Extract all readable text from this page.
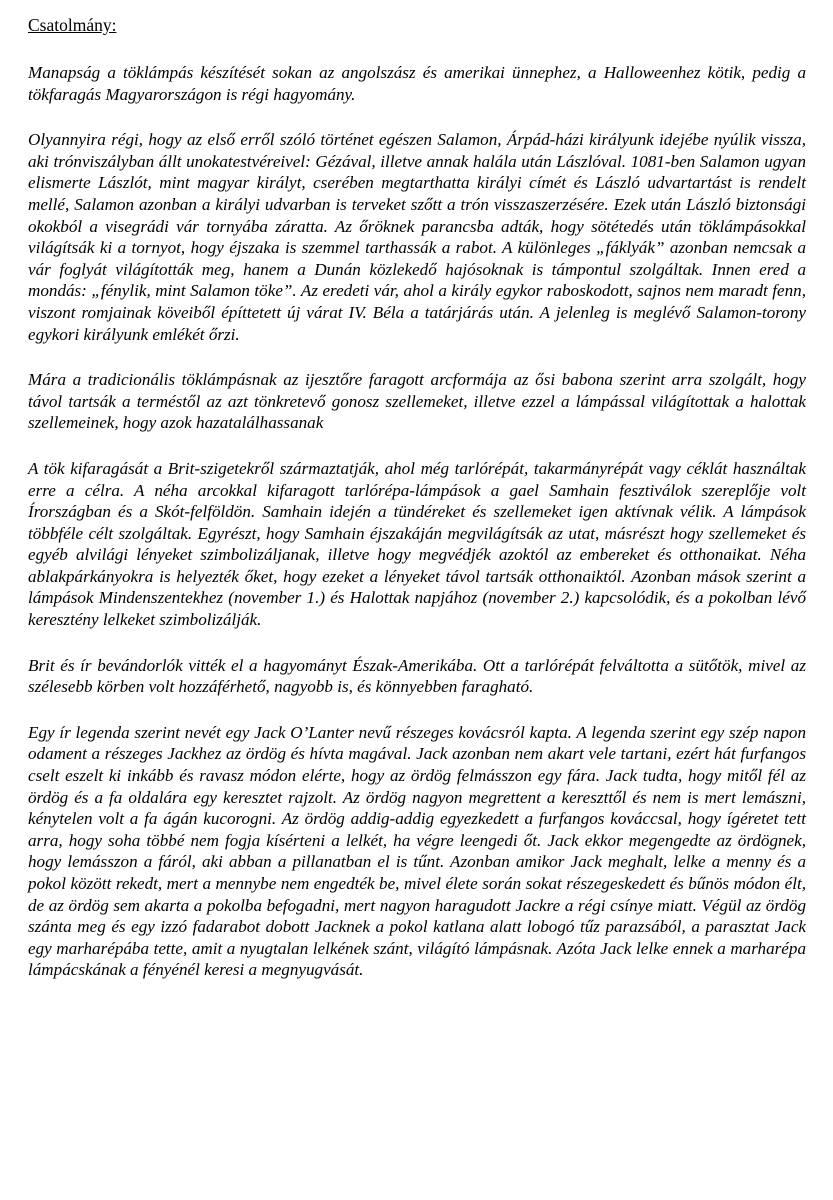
Csatolmány:

Manapság a töklámpás készítését sokan az angolszász és amerikai ünnephez, a Halloweenhez kötik, pedig a tökfaragás Magyarországon is régi hagyomány.

Olyannyira régi, hogy az első erről szóló történet egészen Salamon, Árpád-házi királyunk idejébe nyúlik vissza, aki trónviszályban állt unokatestvéreivel: Gézával, illetve annak halála után Lászlóval. 1081-ben Salamon ugyan elismerte Lászlót, mint magyar királyt, cserében megtarthatta királyi címét és László udvartartást is rendelt mellé, Salamon azonban a királyi udvarban is terveket szőtt a trón visszaszerzésére. Ezek után László biztonsági okokból a visegrádi vár tornyába záratta. Az őröknek parancsba adták, hogy sötétedés után töklámpásokkal világítsák ki a tornyot, hogy éjszaka is szemmel tarthassák a rabot. A különleges „fáklyák” azonban nemcsak a vár foglyát világították meg, hanem a Dunán közlekedő hajósoknak is támpontul szolgáltak. Innen ered a mondás: „fénylik, mint Salamon töke”. Az eredeti vár, ahol a király egykor raboskodott, sajnos nem maradt fenn, viszont romjainak köveiből építtetett új várat IV. Béla a tatárjárás után. A jelenleg is meglévő Salamon-torony egykori királyunk emlékét őrzi.

Mára a tradicionális töklámpásnak az ijesztőre faragott arcformája az ősi babona szerint arra szolgált, hogy távol tartsák a terméstől az azt tönkretevő gonosz szellemeket, illetve ezzel a lámpással világítottak a halottak szellemeinek, hogy azok hazatalálhassanak

A tök kifaragását a Brit-szigetekről származtatják, ahol még tarlórépát, takarmányrépát vagy céklát használtak erre a célra. A néha arcokkal kifaragott tarlórépa-lámpások a gael Samhain fesztiválok szereplője volt Írországban és a Skót-felföldön. Samhain idején a tündéreket és szellemeket igen aktívnak vélik. A lámpások többféle célt szolgáltak. Egyrészt, hogy Samhain éjszakáján megvilágítsák az utat, másrészt hogy szellemeket és egyéb alvilági lényeket szimbolizáljanak, illetve hogy megvédjék azoktól az embereket és otthonaikat. Néha ablakpárkányokra is helyezték őket, hogy ezeket a lényeket távol tartsák otthonaiktól. Azonban mások szerint a lámpások Mindenszentekhez (november 1.) és Halottak napjához (november 2.) kapcsolódik, és a pokolban lévő keresztény lelkeket szimbolizálják.

Brit és ír bevándorlók vitték el a hagyományt Észak-Amerikába. Ott a tarlórépát felváltotta a sütőtök, mivel az szélesebb körben volt hozzáférhető, nagyobb is, és könnyebben faragható.

Egy ír legenda szerint nevét egy Jack O’Lanter nevű részeges kovácsról kapta. A legenda szerint egy szép napon odament a részeges Jackhez az ördög és hívta magával. Jack azonban nem akart vele tartani, ezért hát furfangos cselt eszelt ki inkább és ravasz módon elérte, hogy az ördög felmásszon egy fára. Jack tudta, hogy mitől fél az ördög és a fa oldalára egy keresztet rajzolt. Az ördög nagyon megrettent a kereszttől és nem is mert lemászni, kénytelen volt a fa ágán kucorogni. Az ördög addig-addig egyezkedett a furfangos kováccsal, hogy ígéretet tett arra, hogy soha többé nem fogja kísérteni a lelkét, ha végre leengedi őt. Jack ekkor megengedte az ördögnek, hogy lemásszon a fáról, aki abban a pillanatban el is tűnt. Azonban amikor Jack meghalt, lelke a menny és a pokol között rekedt, mert a mennybe nem engedték be, mivel élete során sokat részegeskedett és bűnös módon élt, de az ördög sem akarta a pokolba befogadni, mert nagyon haragudott Jackre a régi csínye miatt. Végül az ördög szánta meg és egy izzó fadarabot dobott Jacknek a pokol katlana alatt lobogó tűz parazsából, a parasztat Jack egy marharépába tette, amit a nyugtalan lelkének szánt, világító lámpásnak. Azóta Jack lelke ennek a marharépa lámpácskának a fényénél keresi a megnyugvását.
